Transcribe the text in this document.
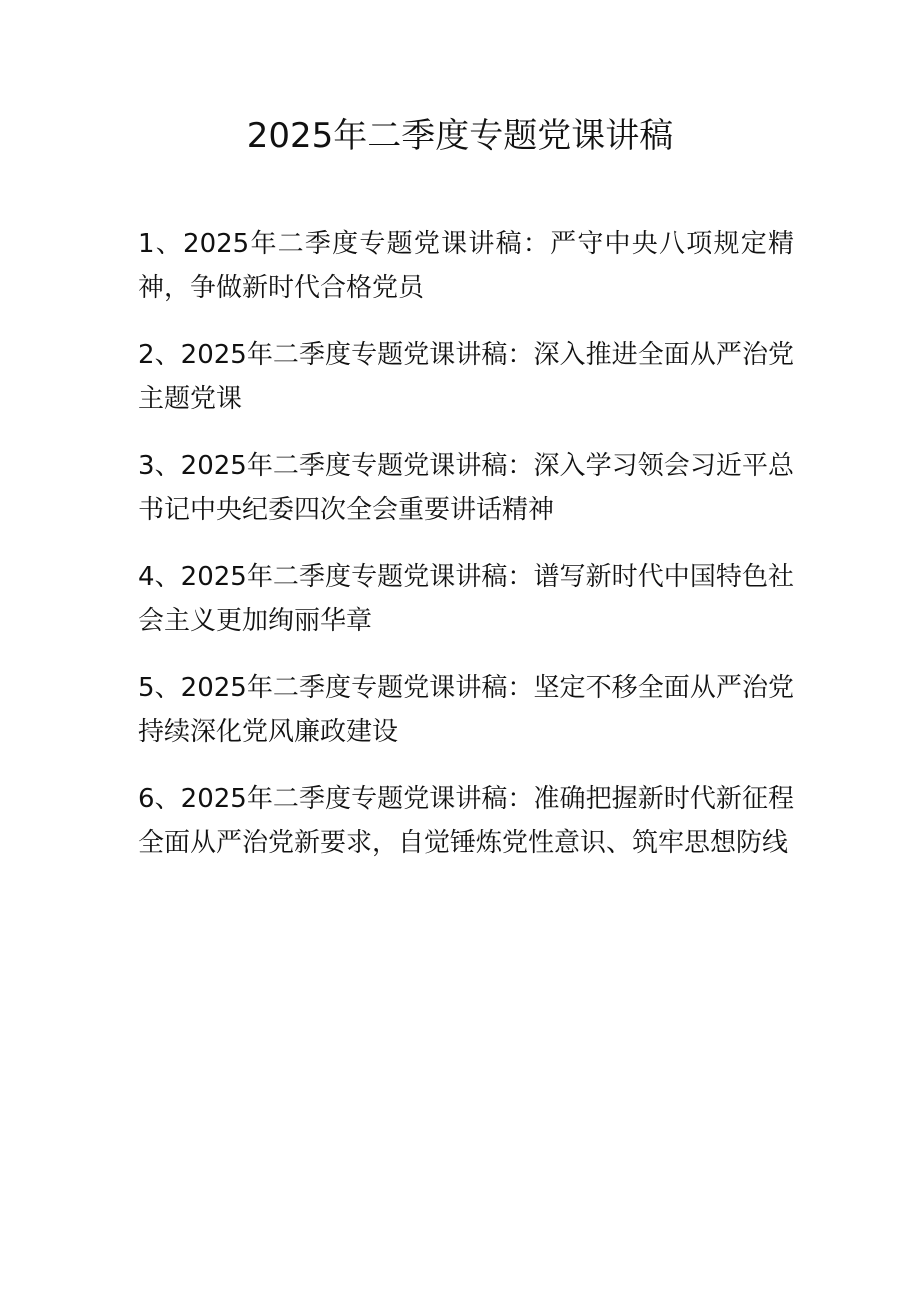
2025年二季度专题党课讲稿
1、2025年二季度专题党课讲稿：严守中央八项规定精神，争做新时代合格党员
2、2025年二季度专题党课讲稿：深入推进全面从严治党主题党课
3、2025年二季度专题党课讲稿：深入学习领会习近平总书记中央纪委四次全会重要讲话精神
4、2025年二季度专题党课讲稿：谱写新时代中国特色社会主义更加绚丽华章
5、2025年二季度专题党课讲稿：坚定不移全面从严治党持续深化党风廉政建设
6、2025年二季度专题党课讲稿：准确把握新时代新征程全面从严治党新要求，自觉锤炼党性意识、筑牢思想防线
